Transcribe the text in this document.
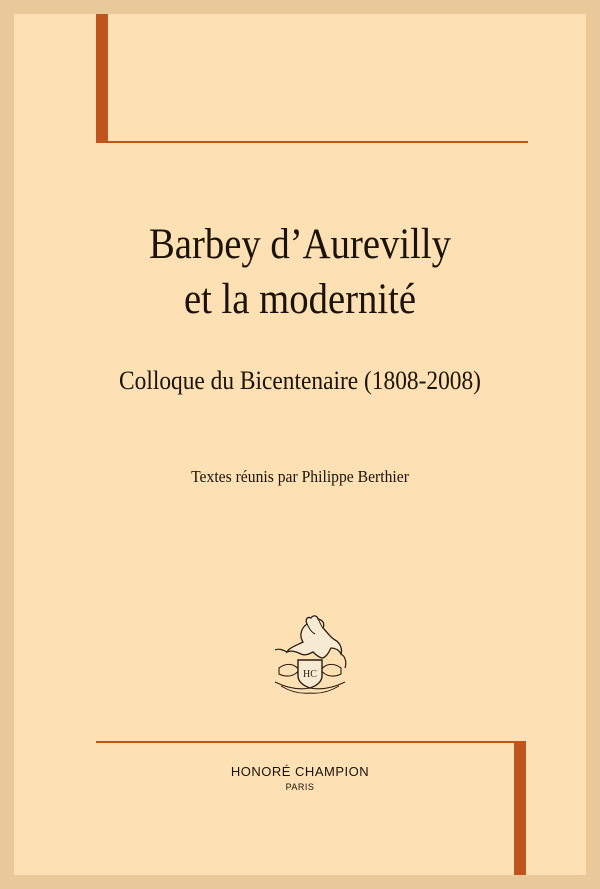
Barbey d’Aurevilly
et la modernité
Colloque du Bicentenaire (1808-2008)
Textes réunis par Philippe Berthier
HC
HONORÉ CHAMPION
PARIS
